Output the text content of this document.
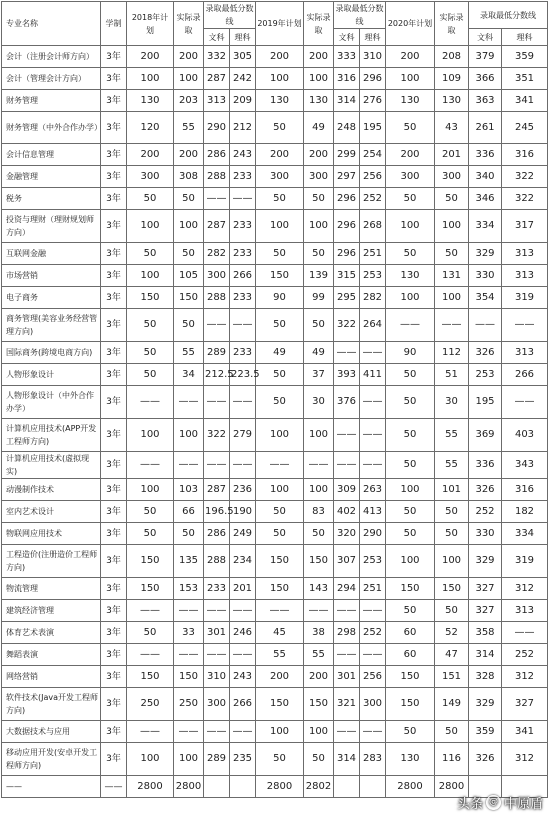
专业名称	学制	2018年计划	实际录取	录取最低分数线		2019年计划	实际录取	录取最低分数线		2020年计划	实际录取	录取最低分数线	
				文科	理科			文科	理科			文科	理科
会计（注册会计师方向）	3年	200	200	332	305	200	200	333	310	200	208	379	359
会计（管理会计方向）	3年	100	100	287	242	100	100	316	296	100	109	366	351
财务管理	3年	130	203	313	209	130	130	314	276	130	130	363	341
财务管理（中外合作办学）	3年	120	55	290	212	50	49	248	195	50	43	261	245
会计信息管理	3年	200	200	286	243	200	200	299	254	200	201	336	316
金融管理	3年	300	308	288	233	300	300	297	256	300	300	340	322
税务	3年	50	50	——	——	50	50	296	252	50	50	346	322
投资与理财（理财规划师方向）	3年	100	100	287	233	100	100	296	268	100	100	334	317
互联网金融	3年	50	50	282	233	50	50	296	251	50	50	329	313
市场营销	3年	100	105	300	266	150	139	315	253	130	131	330	313
电子商务	3年	150	150	288	233	90	99	295	282	100	100	354	319
商务管理(美容业务经营管理方向)	3年	50	50	——	——	50	50	322	264	——	——	——	——
国际商务(跨境电商方向)	3年	50	55	289	233	49	49	——	——	90	112	326	313
人物形象设计	3年	50	34	212.5	223.5	50	37	393	411	50	51	253	266
人物形象设计（中外合作办学）	3年	——	——	——	——	50	30	376	——	50	30	195	——
计算机应用技术(APP开发工程师方向)	3年	100	100	322	279	100	100	——	——	50	55	369	403
计算机应用技术(虚拟现实)	3年	——	——	——	——	——	——	——	——	50	55	336	343
动漫制作技术	3年	100	103	287	236	100	100	309	263	100	101	326	316
室内艺术设计	3年	50	66	196.5	190	50	83	402	413	50	50	252	182
物联网应用技术	3年	50	50	286	249	50	50	320	290	50	50	330	334
工程造价(注册造价工程师方向)	3年	150	135	288	234	150	150	307	253	100	100	329	319
物流管理	3年	150	153	233	201	150	143	294	251	150	150	327	312
建筑经济管理	3年	——	——	——	——	——	——	——	——	50	50	327	313
体育艺术表演	3年	50	33	301	246	45	38	298	252	60	52	358	——
舞蹈表演	3年	——	——	——	——	55	55	——	——	60	47	314	252
网络营销	3年	150	150	310	243	200	200	301	256	150	151	328	312
软件技术(Java开发工程师方向)	3年	250	250	300	266	150	150	321	300	150	149	329	327
大数据技术与应用	3年	——	——	——	——	100	100	——	——	50	50	359	341
移动应用开发(安卓开发工程师方向)	3年	100	100	289	235	50	50	314	283	130	116	326	312
——	——	2800	2800			2800	2802			2800	2800		
头条 @ 中原盾
